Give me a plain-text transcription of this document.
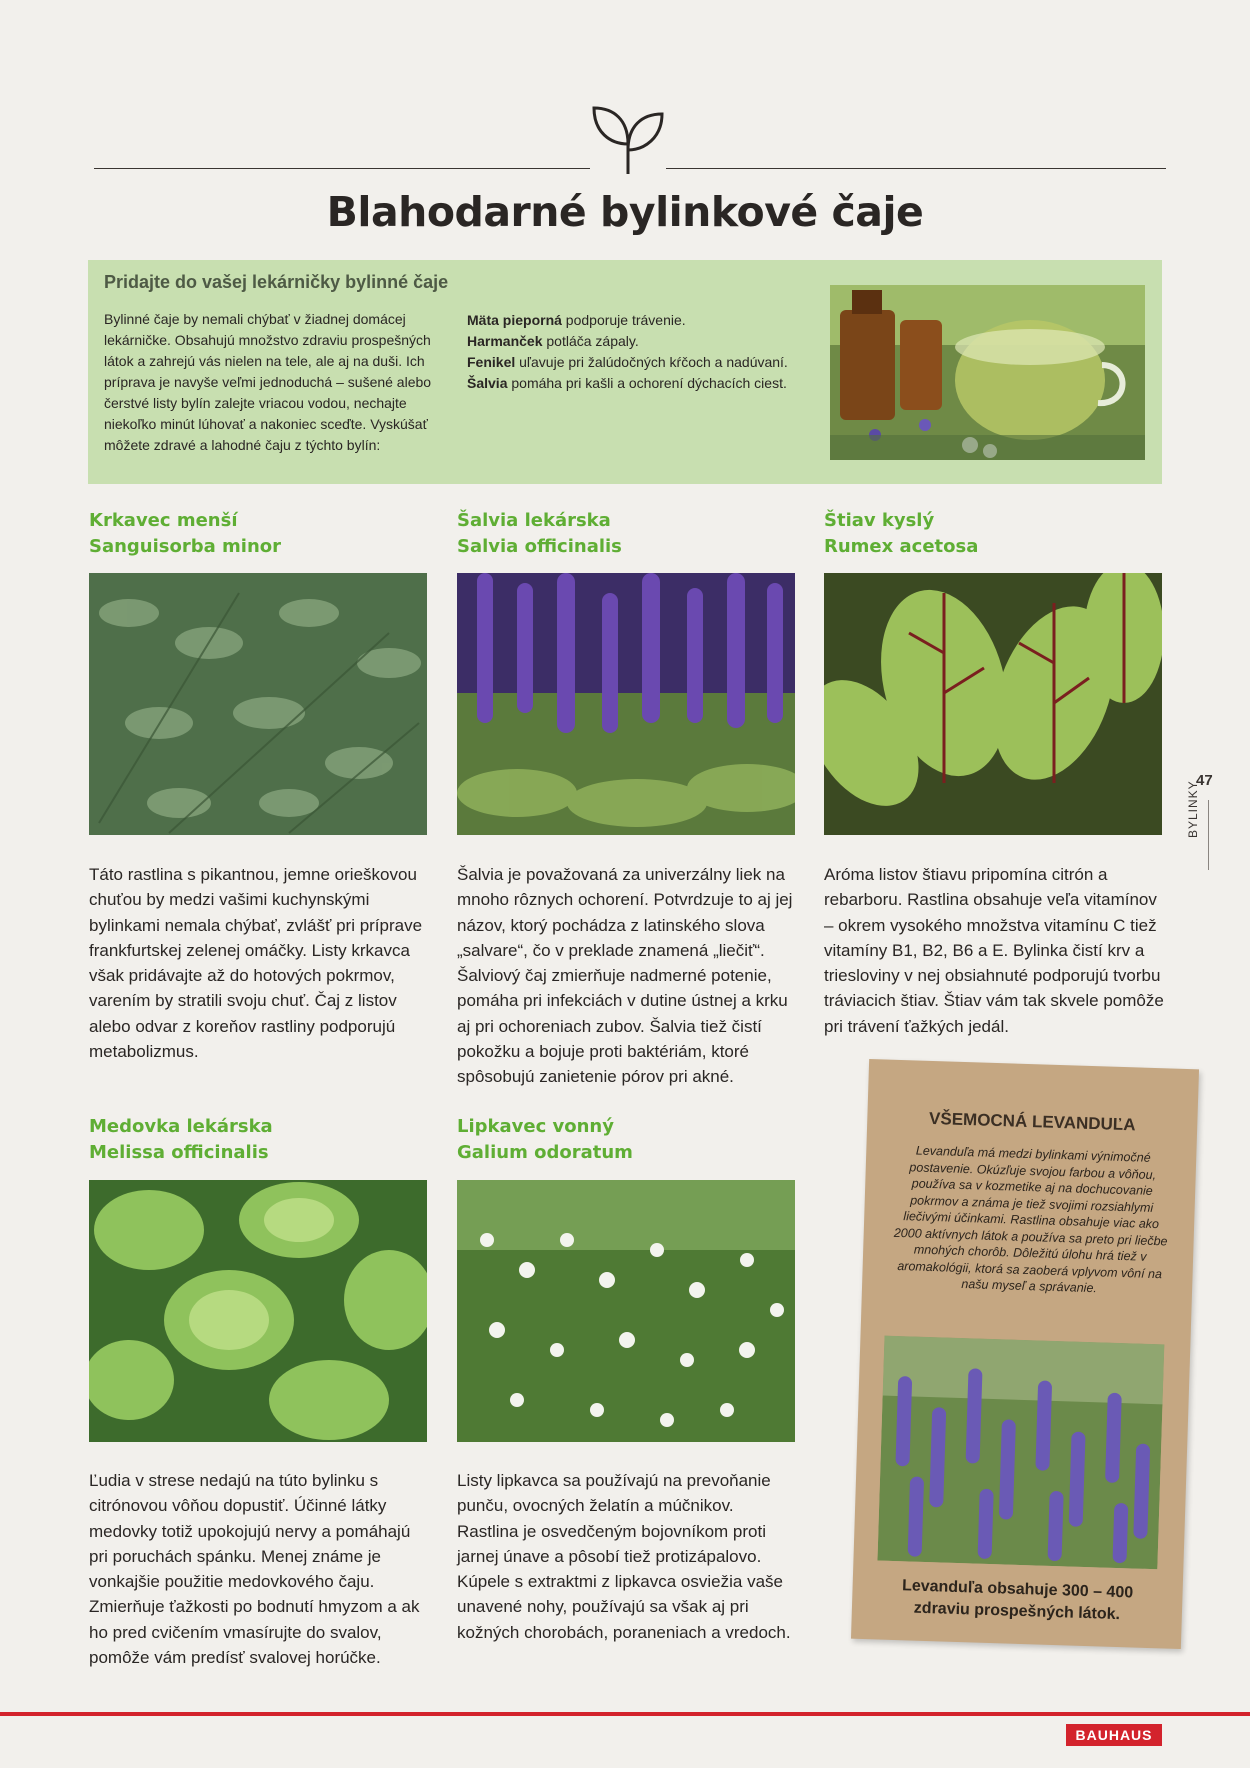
Blahodarné bylinkové čaje
Pridajte do vašej lekárničky bylinné čaje
Bylinné čaje by nemali chýbať v žiadnej domácej lekárničke. Obsahujú množstvo zdraviu prospešných látok a zahrejú vás nielen na tele, ale aj na duši. Ich príprava je navyše veľmi jednoduchá – sušené alebo čerstvé listy bylín zalejte vriacou vodou, nechajte niekoľko minút lúhovať a nakoniec sceďte. Vyskúšať môžete zdravé a lahodné čaju z týchto bylín:
Mäta pieporná podporuje trávenie.
Harmanček potláča zápaly.
Fenikel uľavuje pri žalúdočných kŕčoch a nadúvaní.
Šalvia pomáha pri kašli a ochorení dýchacích ciest.
Krkavec menší
Sanguisorba minor
Táto rastlina s pikantnou, jemne orieškovou chuťou by medzi vašimi kuchynskými bylinkami nemala chýbať, zvlášť pri príprave frankfurtskej zelenej omáčky. Listy krkavca však pridávajte až do hotových pokrmov, varením by stratili svoju chuť. Čaj z listov alebo odvar z koreňov rastliny podporujú metabolizmus.
Šalvia lekárska
Salvia officinalis
Šalvia je považovaná za univerzálny liek na mnoho rôznych ochorení. Potvrdzuje to aj jej názov, ktorý pochádza z latinského slova „salvare“, čo v preklade znamená „liečiť“. Šalviový čaj zmierňuje nadmerné potenie, pomáha pri infekciách v dutine ústnej a krku aj pri ochoreniach zubov. Šalvia tiež čistí pokožku a bojuje proti baktériám, ktoré spôsobujú zanietenie pórov pri akné.
Štiav kyslý
Rumex acetosa
Aróma listov štiavu pripomína citrón a rebarboru. Rastlina obsahuje veľa vitamínov – okrem vysokého množstva vitamínu C tiež vitamíny B1, B2, B6 a E. Bylinka čistí krv a triesloviny v nej obsiahnuté podporujú tvorbu tráviacich štiav. Štiav vám tak skvele pomôže pri trávení ťažkých jedál.
Medovka lekárska
Melissa officinalis
Ľudia v strese nedajú na túto bylinku s citrónovou vôňou dopustiť. Účinné látky medovky totiž upokojujú nervy a pomáhajú pri poruchách spánku. Menej známe je vonkajšie použitie medovkového čaju. Zmierňuje ťažkosti po bodnutí hmyzom a ak ho pred cvičením vmasírujte do svalov, pomôže vám predísť svalovej horúčke.
Lipkavec vonný
Galium odoratum
Listy lipkavca sa používajú na prevoňanie punču, ovocných želatín a múčnikov. Rastlina je osvedčeným bojovníkom proti jarnej únave a pôsobí tiež protizápalovo. Kúpele s extraktmi z lipkavca osviežia vaše unavené nohy, používajú sa však aj pri kožných chorobách, poraneniach a vredoch.
47
BYLINKY
VŠEMOCNÁ LEVANDUĽA
Levanduľa má medzi bylinkami výnimočné postavenie. Okúzľuje svojou farbou a vôňou, používa sa v kozmetike aj na dochucovanie pokrmov a známa je tiež svojimi rozsiahlymi liečivými účinkami. Rastlina obsahuje viac ako 2000 aktívnych látok a používa sa preto pri liečbe mnohých chorôb. Dôležitú úlohu hrá tiež v aromakológii, ktorá sa zaoberá vplyvom vôní na našu myseľ a správanie.
Levanduľa obsahuje 300 – 400 zdraviu prospešných látok.
BAUHAUS
